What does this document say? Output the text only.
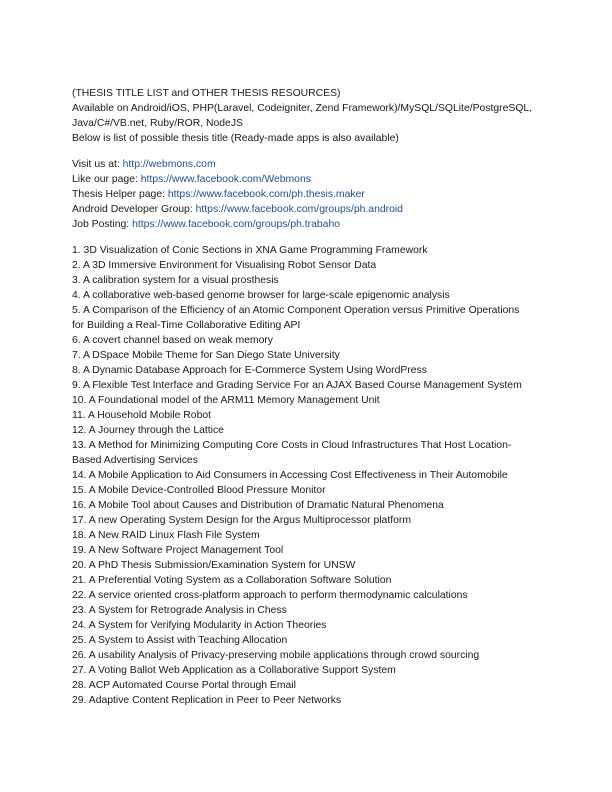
(THESIS TITLE LIST and OTHER THESIS RESOURCES)
Available on Android/iOS, PHP(Laravel, Codeigniter, Zend Framework)/MySQL/SQLite/PostgreSQL,
Java/C#/VB.net, Ruby/ROR, NodeJS
Below is list of possible thesis title (Ready-made apps is also available)
Visit us at: http://webmons.com
Like our page: https://www.facebook.com/Webmons
Thesis Helper page: https://www.facebook.com/ph.thesis.maker
Android Developer Group: https://www.facebook.com/groups/ph.android
Job Posting: https://www.facebook.com/groups/ph.trabaho
1. 3D Visualization of Conic Sections in XNA Game Programming Framework
2. A 3D Immersive Environment for Visualising Robot Sensor Data
3. A calibration system for a visual prosthesis
4. A collaborative web-based genome browser for large-scale epigenomic analysis
5. A Comparison of the Efficiency of an Atomic Component Operation versus Primitive Operations
for Building a Real-Time Collaborative Editing API
6. A covert channel based on weak memory
7. A DSpace Mobile Theme for San Diego State University
8. A Dynamic Database Approach for E-Commerce System Using WordPress
9. A Flexible Test Interface and Grading Service For an AJAX Based Course Management System
10. A Foundational model of the ARM11 Memory Management Unit
11. A Household Mobile Robot
12. A Journey through the Lattice
13. A Method for Minimizing Computing Core Costs in Cloud Infrastructures That Host Location-
Based Advertising Services
14. A Mobile Application to Aid Consumers in Accessing Cost Effectiveness in Their Automobile
15. A Mobile Device-Controlled Blood Pressure Monitor
16. A Mobile Tool about Causes and Distribution of Dramatic Natural Phenomena
17. A new Operating System Design for the Argus Multiprocessor platform
18. A New RAID Linux Flash File System
19. A New Software Project Management Tool
20. A PhD Thesis Submission/Examination System for UNSW
21. A Preferential Voting System as a Collaboration Software Solution
22. A service oriented cross-platform approach to perform thermodynamic calculations
23. A System for Retrograde Analysis in Chess
24. A System for Verifying Modularity in Action Theories
25. A System to Assist with Teaching Allocation
26. A usability Analysis of Privacy-preserving mobile applications through crowd sourcing
27. A Voting Ballot Web Application as a Collaborative Support System
28. ACP Automated Course Portal through Email
29. Adaptive Content Replication in Peer to Peer Networks
